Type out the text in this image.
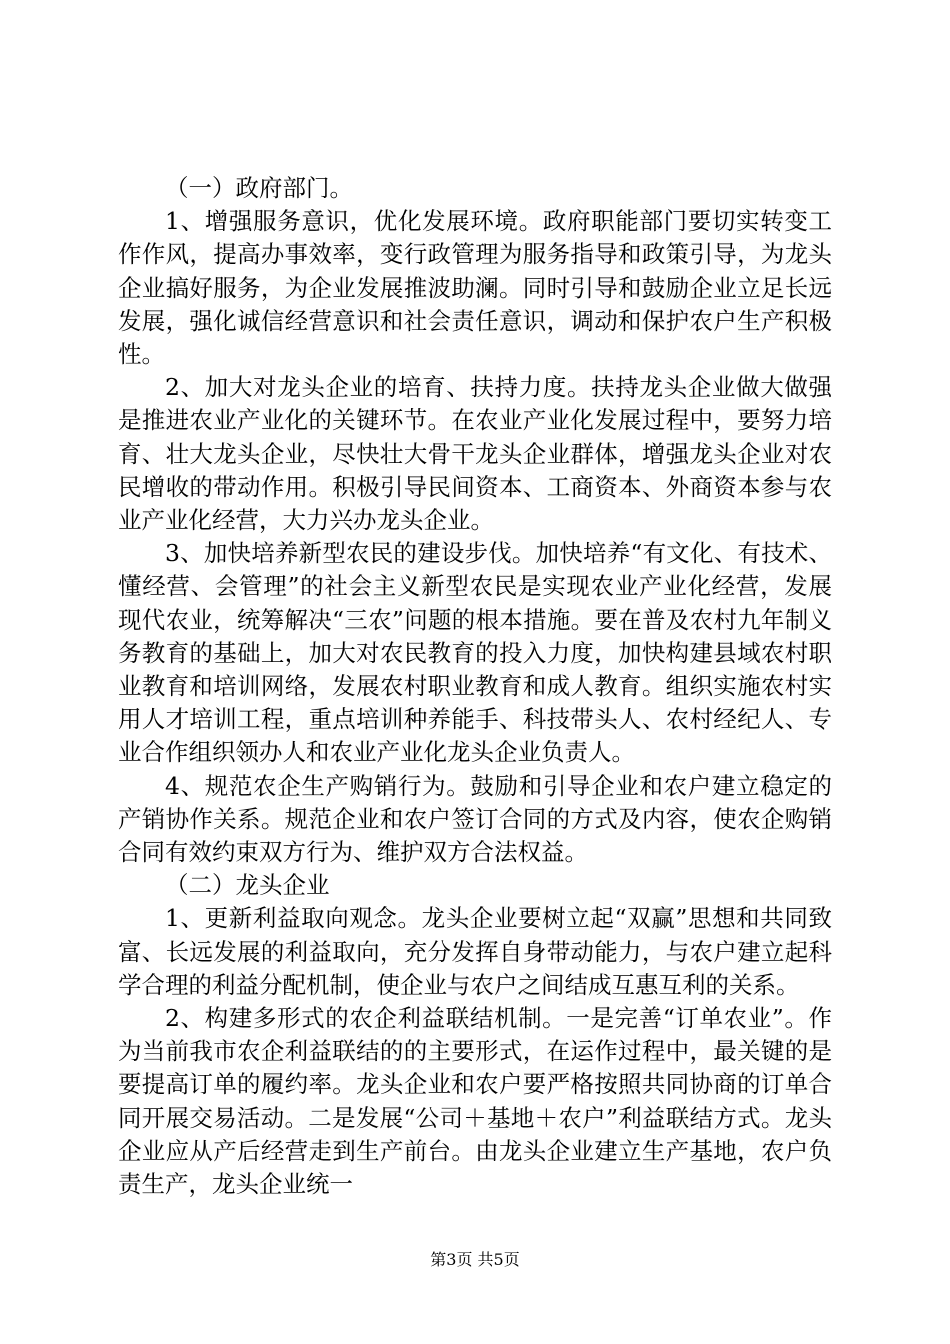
（一）政府部门。

1、增强服务意识，优化发展环境。政府职能部门要切实转变工作作风，提高办事效率，变行政管理为服务指导和政策引导，为龙头企业搞好服务，为企业发展推波助澜。同时引导和鼓励企业立足长远发展，强化诚信经营意识和社会责任意识，调动和保护农户生产积极性。

2、加大对龙头企业的培育、扶持力度。扶持龙头企业做大做强是推进农业产业化的关键环节。在农业产业化发展过程中，要努力培育、壮大龙头企业，尽快壮大骨干龙头企业群体，增强龙头企业对农民增收的带动作用。积极引导民间资本、工商资本、外商资本参与农业产业化经营，大力兴办龙头企业。

3、加快培养新型农民的建设步伐。加快培养“有文化、有技术、懂经营、会管理”的社会主义新型农民是实现农业产业化经营，发展现代农业，统筹解决“三农”问题的根本措施。要在普及农村九年制义务教育的基础上，加大对农民教育的投入力度，加快构建县域农村职业教育和培训网络，发展农村职业教育和成人教育。组织实施农村实用人才培训工程，重点培训种养能手、科技带头人、农村经纪人、专业合作组织领办人和农业产业化龙头企业负责人。

4、规范农企生产购销行为。鼓励和引导企业和农户建立稳定的产销协作关系。规范企业和农户签订合同的方式及内容，使农企购销合同有效约束双方行为、维护双方合法权益。

（二）龙头企业

1、更新利益取向观念。龙头企业要树立起“双赢”思想和共同致富、长远发展的利益取向，充分发挥自身带动能力，与农户建立起科学合理的利益分配机制，使企业与农户之间结成互惠互利的关系。

2、构建多形式的农企利益联结机制。一是完善“订单农业”。作为当前我市农企利益联结的的主要形式，在运作过程中，最关键的是要提高订单的履约率。龙头企业和农户要严格按照共同协商的订单合同开展交易活动。二是发展“公司＋基地＋农户”利益联结方式。龙头企业应从产后经营走到生产前台。由龙头企业建立生产基地，农户负责生产，龙头企业统一

第3页 共5页
